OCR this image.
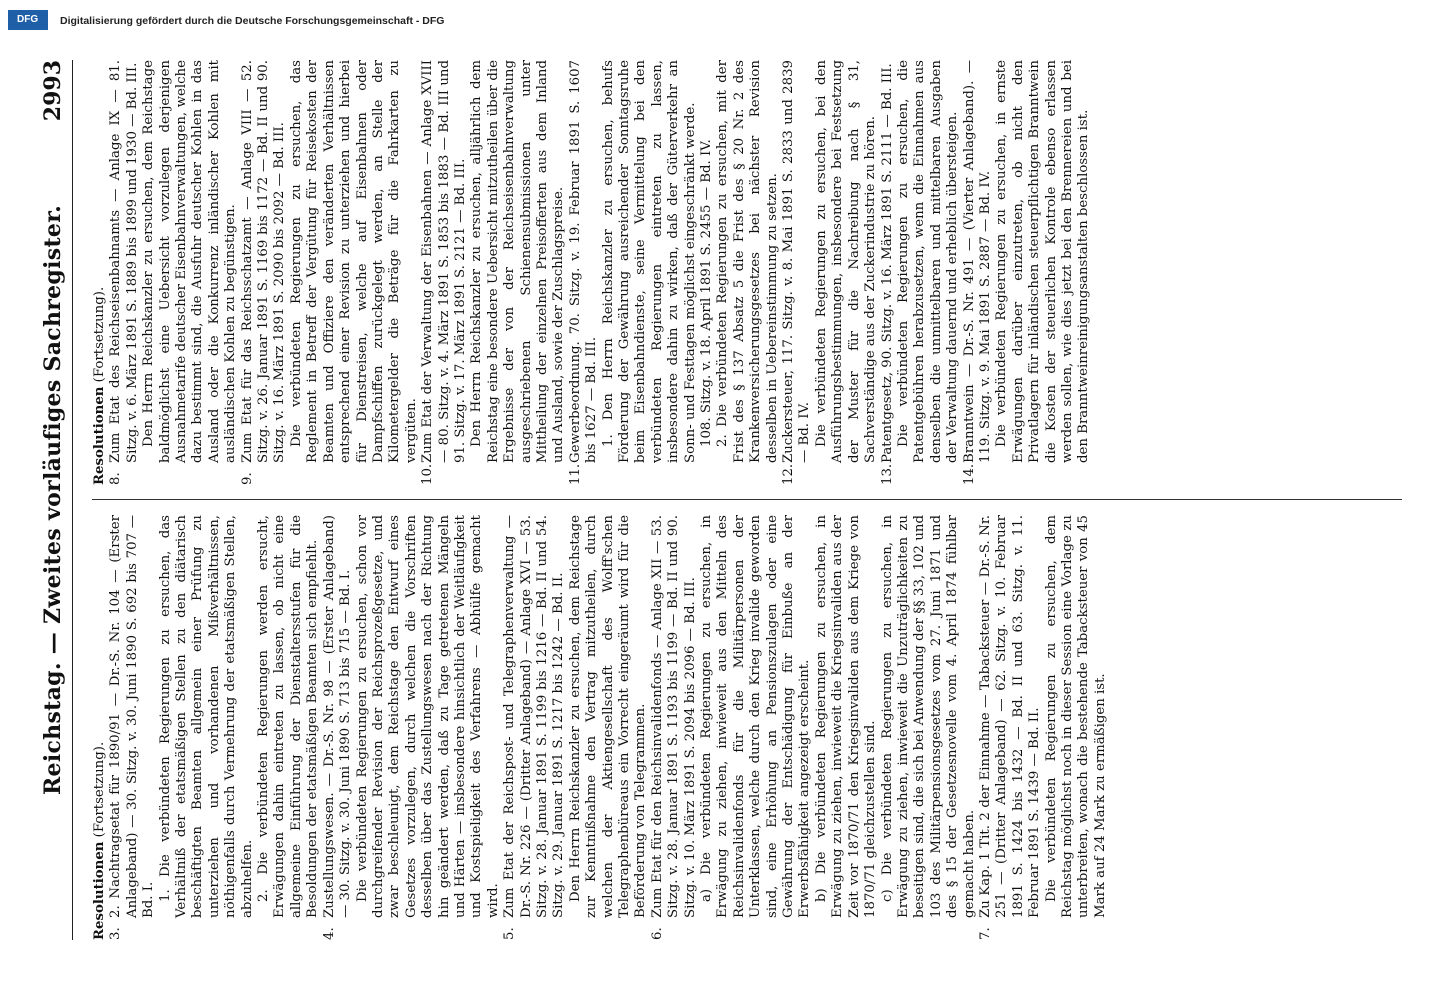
Reichstag. — Zweites vorläufiges Sachregister.
2993

Resolutionen (Fortsetzung).

3.2. Nachtragsetat für 1890/91 — Dr.-S. Nr. 104 — (Erster Anlageband) — 30. Sitzg. v. 30. Juni 1890 S. 692 bis 707 — Bd. I. 1. Die verbündeten Regierungen zu ersuchen, das Verhältniß der etatsmäßigen Stellen zu den diätarisch beschäftigten Beamten allgemein einer Prüfung zu unterziehen und vorhandenen Mißverhältnissen, nöthigenfalls durch Vermehrung der etatsmäßigen Stellen, abzuhelfen. 2. Die verbündeten Regierungen werden ersucht, Erwägungen dahin eintreten zu lassen, ob nicht eine allgemeine Einführung der Dienstaltersstufen für die Besoldungen der etatsmäßigen Beamten sich empfiehlt.

4.Zustellungswesen. — Dr.-S. Nr. 98 — (Erster Anlageband) — 30. Sitzg. v. 30. Juni 1890 S. 713 bis 715 — Bd. I. Die verbündeten Regierungen zu ersuchen, schon vor durchgreifender Revision der Reichsprozeßgesetze, und zwar beschleunigt, dem Reichstage den Entwurf eines Gesetzes vorzulegen, durch welchen die Vorschriften desselben über das Zustellungswesen nach der Richtung hin geändert werden, daß zu Tage getretenen Mängeln und Härten — insbesondere hinsichtlich der Weitläufigkeit und Kostspieligkeit des Verfahrens — Abhülfe gemacht wird.

5.Zum Etat der Reichspost- und Telegraphenverwaltung — Dr.-S. Nr. 226 — (Dritter Anlageband) — Anlage XVI — 53. Sitzg. v. 28. Januar 1891 S. 1199 bis 1216 — Bd. II und 54. Sitzg. v. 29. Januar 1891 S. 1217 bis 1242 — Bd. II. Den Herrn Reichskanzler zu ersuchen, dem Reichstage zur Kenntnißnahme den Vertrag mitzutheilen, durch welchen der Aktiengesellschaft des Wolff'schen Telegraphenbüreaus ein Vorrecht eingeräumt wird für die Beförderung von Telegrammen.

6.Zum Etat für den Reichsinvalidenfonds — Anlage XII — 53. Sitzg. v. 28. Januar 1891 S. 1193 bis 1199 — Bd. II und 90. Sitzg. v. 10. März 1891 S. 2094 bis 2096 — Bd. III. a) Die verbündeten Regierungen zu ersuchen, in Erwägung zu ziehen, inwieweit aus den Mitteln des Reichsinvalidenfonds für die Militärpersonen der Unterklassen, welche durch den Krieg invalide geworden sind, eine Erhöhung an Pensionszulagen oder eine Gewährung der Entschädigung für Einbuße an der Erwerbsfähigkeit angezeigt erscheint. b) Die verbündeten Regierungen zu ersuchen, in Erwägung zu ziehen, inwieweit die Kriegsinvaliden aus der Zeit vor 1870/71 den Kriegsinvaliden aus dem Kriege von 1870/71 gleichzustellen sind. c) Die verbündeten Regierungen zu ersuchen, in Erwägung zu ziehen, inwieweit die Unzuträglichkeiten zu beseitigen sind, die sich bei Anwendung der §§ 33, 102 und 103 des Militärpensionsgesetzes vom 27. Juni 1871 und des § 15 der Gesetzesnovelle vom 4. April 1874 fühlbar gemacht haben.

7.Zu Kap. 1 Tit. 2 der Einnahme — Tabacksteuer — Dr.-S. Nr. 251 — (Dritter Anlageband) — 62. Sitzg. v. 10. Februar 1891 S. 1424 bis 1432 — Bd. II und 63. Sitzg. v. 11. Februar 1891 S. 1439 — Bd. II. Die verbündeten Regierungen zu ersuchen, dem Reichstag möglichst noch in dieser Session eine Vorlage zu unterbreiten, wonach die bestehende Tabacksteuer von 45 Mark auf 24 Mark zu ermäßigen ist.

Resolutionen (Fortsetzung).

8.Zum Etat des Reichseisenbahnamts — Anlage IX — 81. Sitzg. v. 6. März 1891 S. 1889 bis 1899 und 1930 — Bd. III. Den Herrn Reichskanzler zu ersuchen, dem Reichstage baldmöglichst eine Uebersicht vorzulegen derjenigen Ausnahmetarife deutscher Eisenbahnverwaltungen, welche dazu bestimmt sind, die Ausfuhr deutscher Kohlen in das Ausland oder die Konkurrenz inländischer Kohlen mit ausländischen Kohlen zu begünstigen.

9.Zum Etat für das Reichsschatzamt — Anlage VIII — 52. Sitzg. v. 26. Januar 1891 S. 1169 bis 1172 — Bd. II und 90. Sitzg. v. 16. März 1891 S. 2090 bis 2092 — Bd. III. Die verbündeten Regierungen zu ersuchen, das Reglement in Betreff der Vergütung für Reisekosten der Beamten und Offiziere den veränderten Verhältnissen entsprechend einer Revision zu unterziehen und hierbei für Dienstreisen, welche auf Eisenbahnen oder Dampfschiffen zurückgelegt werden, an Stelle der Kilometergelder die Beträge für die Fahrkarten zu vergüten.

10.Zum Etat der Verwaltung der Eisenbahnen — Anlage XVIII — 80. Sitzg. v. 4. März 1891 S. 1853 bis 1883 — Bd. III und 91. Sitzg. v. 17. März 1891 S. 2121 — Bd. III. Den Herrn Reichskanzler zu ersuchen, alljährlich dem Reichstag eine besondere Uebersicht mitzutheilen über die Ergebnisse der von der Reichseisenbahnverwaltung ausgeschriebenen Schienensubmissionen unter Mittheilung der einzelnen Preisofferten aus dem Inland und Ausland, sowie der Zuschlagspreise.

11.Gewerbeordnung. 70. Sitzg. v. 19. Februar 1891 S. 1607 bis 1627 — Bd. III. 1. Den Herrn Reichskanzler zu ersuchen, behufs Förderung der Gewährung ausreichender Sonntagsruhe beim Eisenbahndienste, seine Vermittelung bei den verbündeten Regierungen eintreten zu lassen, insbesondere dahin zu wirken, daß der Güterverkehr an Sonn- und Festtagen möglichst eingeschränkt werde. 108. Sitzg. v. 18. April 1891 S. 2455 — Bd. IV. 2. Die verbündeten Regierungen zu ersuchen, mit der Frist des § 137 Absatz 5 die Frist des § 20 Nr. 2 des Krankenversicherungsgesetzes bei nächster Revision desselben in Uebereinstimmung zu setzen.

12.Zuckersteuer, 117. Sitzg. v. 8. Mai 1891 S. 2833 und 2839 — Bd. IV. Die verbündeten Regierungen zu ersuchen, bei den Ausführungsbestimmungen, insbesondere bei Festsetzung der Muster für die Nachreibung nach § 31, Sachverständige aus der Zuckerindustrie zu hören.

13.Patentgesetz, 90. Sitzg. v. 16. März 1891 S. 2111 — Bd. III. Die verbündeten Regierungen zu ersuchen, die Patentgebühren herabzusetzen, wenn die Einnahmen aus denselben die unmittelbaren und mittelbaren Ausgaben der Verwaltung dauernd und erheblich übersteigen.

14.Branntwein — Dr.-S. Nr. 491 — (Vierter Anlageband). — 119. Sitzg. v. 9. Mai 1891 S. 2887 — Bd. IV. Die verbündeten Regierungen zu ersuchen, in ernste Erwägungen darüber einzutreten, ob nicht den Privatlagern für inländischen steuerpflichtigen Branntwein die Kosten der steuerlichen Kontrole ebenso erlassen werden sollen, wie dies jetzt bei den Brennereien und bei den Branntweinreinigungsanstalten beschlossen ist.

DFG	Digitalisierung gefördert durch die Deutsche Forschungsgemeinschaft - DFG
